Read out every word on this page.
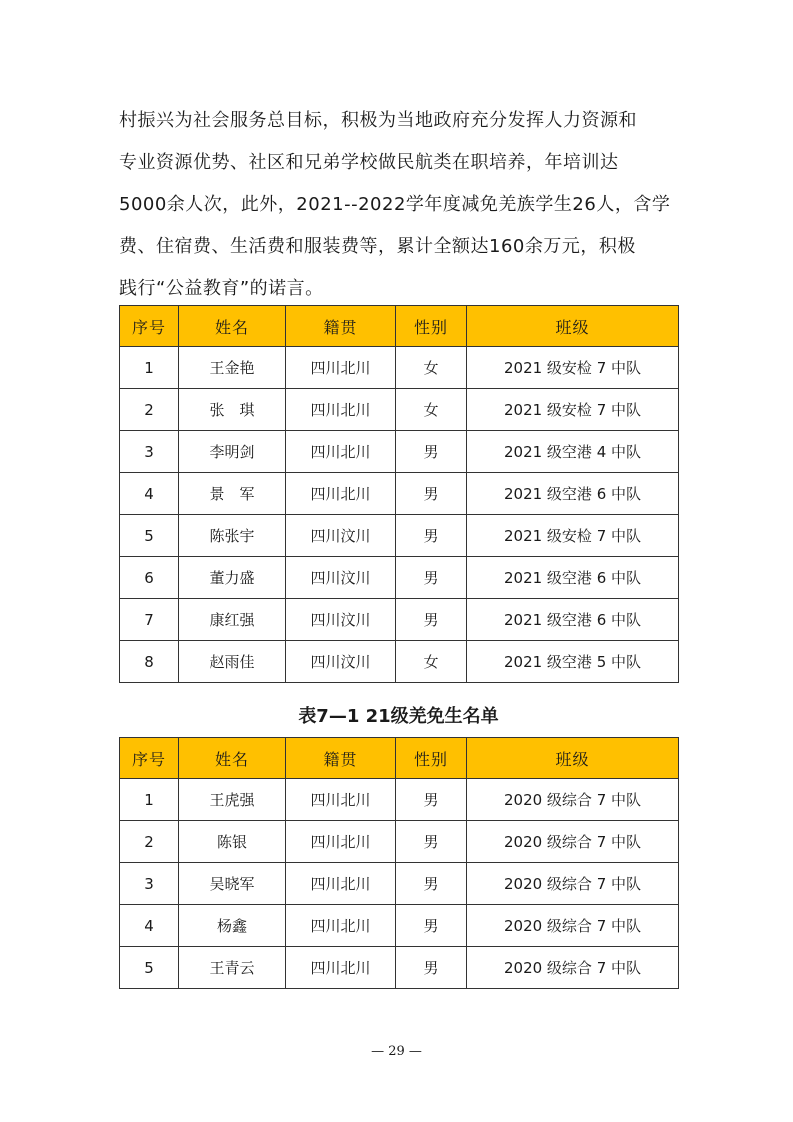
村振兴为社会服务总目标，积极为当地政府充分发挥人力资源和
专业资源优势、社区和兄弟学校做民航类在职培养，年培训达
5000余人次，此外，2021--2022学年度减免羌族学生26人，含学
费、住宿费、生活费和服装费等，累计全额达160余万元，积极
践行“公益教育”的诺言。
序号	姓名	籍贯	性别	班级
1	王金艳	四川北川	女	2021 级安检 7 中队
2	张　琪	四川北川	女	2021 级安检 7 中队
3	李明剑	四川北川	男	2021 级空港 4 中队
4	景　军	四川北川	男	2021 级空港 6 中队
5	陈张宇	四川汶川	男	2021 级安检 7 中队
6	董力盛	四川汶川	男	2021 级空港 6 中队
7	康红强	四川汶川	男	2021 级空港 6 中队
8	赵雨佳	四川汶川	女	2021 级空港 5 中队
表7—1 21级羌免生名单
序号	姓名	籍贯	性别	班级
1	王虎强	四川北川	男	2020 级综合 7 中队
2	陈银	四川北川	男	2020 级综合 7 中队
3	吴晓军	四川北川	男	2020 级综合 7 中队
4	杨鑫	四川北川	男	2020 级综合 7 中队
5	王青云	四川北川	男	2020 级综合 7 中队
— 29 —
